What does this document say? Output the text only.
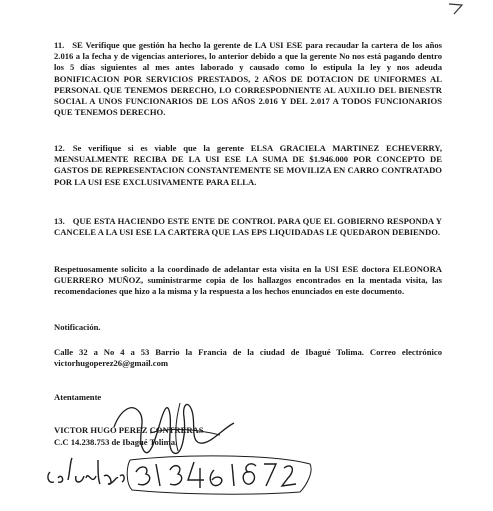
11. SE Verifique que gestión ha hecho la gerente de LA USI ESE para recaudar la cartera de los años 2.016 a la fecha y de vigencias anteriores, lo anterior debido a que la gerente No nos está pagando dentro los 5 días siguientes al mes antes laborado y causado como lo estipula la ley y nos adeuda BONIFICACION POR SERVICIOS PRESTADOS, 2 AÑOS DE DOTACION DE UNIFORMES AL PERSONAL QUE TENEMOS DERECHO, LO CORRESPODNIENTE AL AUXILIO DEL BIENESTR SOCIAL A UNOS FUNCIONARIOS DE LOS AÑOS 2.016 Y DEL 2.017 A TODOS FUNCIONARIOS QUE TENEMOS DERECHO.

12. Se verifique si es viable que la gerente ELSA GRACIELA MARTINEZ ECHEVERRY, MENSUALMENTE RECIBA DE LA USI ESE LA SUMA DE $1.946.000 POR CONCEPTO DE GASTOS DE REPRESENTACION CONSTANTEMENTE SE MOVILIZA EN CARRO CONTRATADO POR LA USI ESE EXCLUSIVAMENTE PARA ELLA.

13. QUE ESTA HACIENDO ESTE ENTE DE CONTROL PARA QUE EL GOBIERNO RESPONDA Y CANCELE A LA USI ESE LA CARTERA QUE LAS EPS LIQUIDADAS LE QUEDARON DEBIENDO.

Respetuosamente solicito a la coordinado de adelantar esta visita en la USI ESE doctora ELEONORA GUERRERO MUÑOZ, suministrarme copia de los hallazgos encontrados en la mentada visita, las recomendaciones que hizo a la misma y la respuesta a los hechos enunciados en este documento.

Notificación.

Calle 32 a No 4 a 53 Barrio la Francia de la ciudad de Ibagué Tolima. Correo electrónico victorhugoperez26@gmail.com

Atentamente
VICTOR HUGO PEREZ CONTRERAS
C.C 14.238.753 de Ibagué Tolima.
